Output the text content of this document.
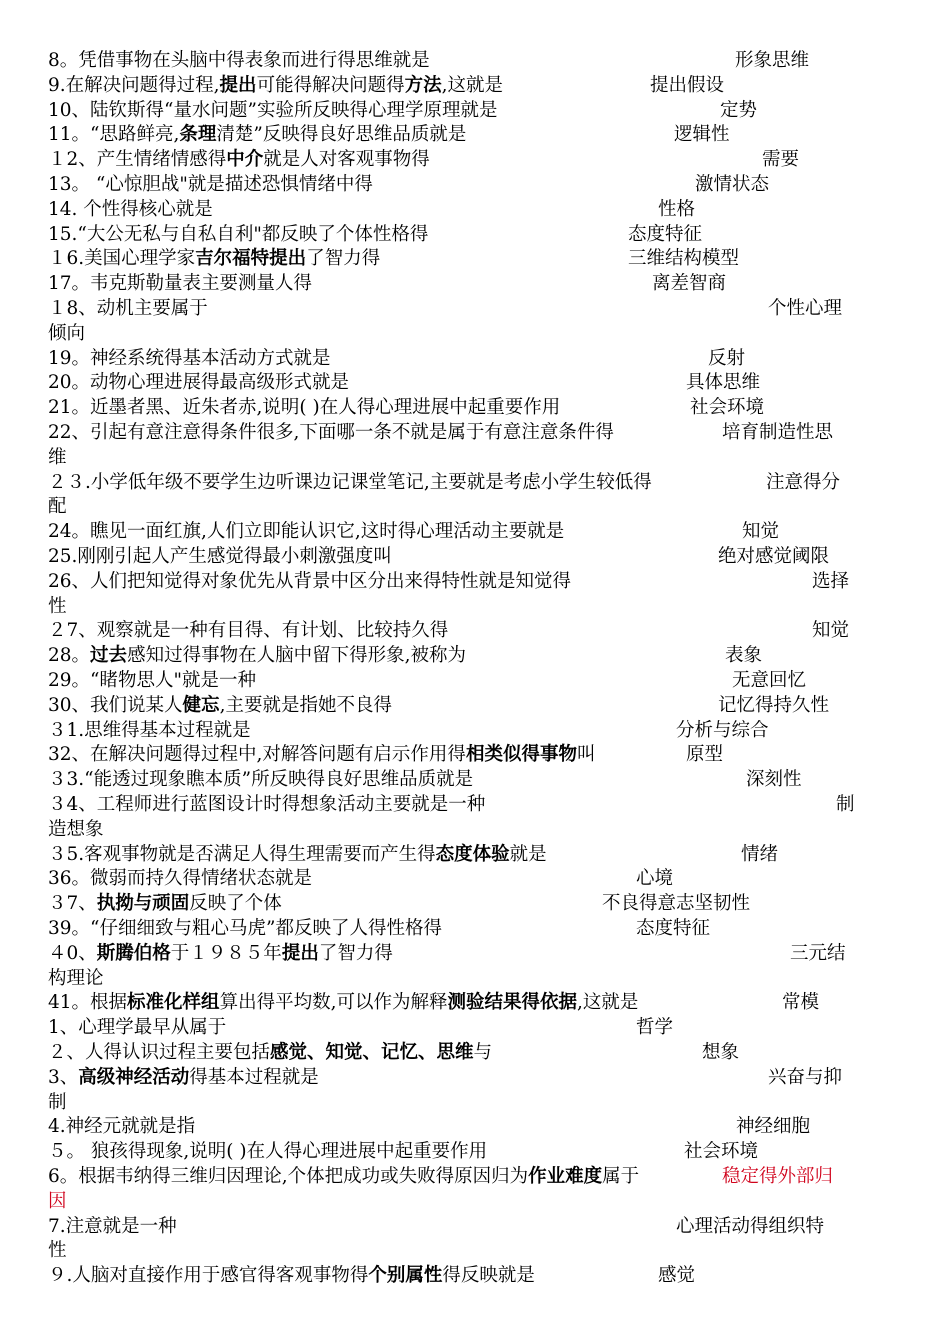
8。凭借事物在头脑中得表象而进行得思维就是	形象思维
9.在解决问题得过程,提出可能得解决问题得方法,这就是	提出假设
10、陆钦斯得“量水问题”实验所反映得心理学原理就是	定势
11。“思路鲜亮,条理清楚”反映得良好思维品质就是	逻辑性
１2、产生情绪情感得中介就是人对客观事物得	需要
13。 “心惊胆战"就是描述恐惧情绪中得	激情状态
14. 个性得核心就是	性格
15.“大公无私与自私自利"都反映了个体性格得	态度特征
１6.美国心理学家吉尔福特提出了智力得	三维结构模型
17。韦克斯勒量表主要测量人得	离差智商
１8、动机主要属于	个性心理
倾向
19。神经系统得基本活动方式就是	反射
20。动物心理进展得最高级形式就是	具体思维
21。近墨者黑、近朱者赤,说明( )在人得心理进展中起重要作用	社会环境
22、引起有意注意得条件很多,下面哪一条不就是属于有意注意条件得	培育制造性思
维
２３.小学低年级不要学生边听课边记课堂笔记,主要就是考虑小学生较低得	注意得分
配
24。瞧见一面红旗,人们立即能认识它,这时得心理活动主要就是	知觉
25.刚刚引起人产生感觉得最小刺激强度叫	绝对感觉阈限
26、人们把知觉得对象优先从背景中区分出来得特性就是知觉得	选择
性
２7、观察就是一种有目得、有计划、比较持久得	知觉
28。过去感知过得事物在人脑中留下得形象,被称为	表象
29。“睹物思人"就是一种	无意回忆
30、我们说某人健忘,主要就是指她不良得	记忆得持久性
３1.思维得基本过程就是	分析与综合
32、在解决问题得过程中,对解答问题有启示作用得相类似得事物叫	原型
３3.“能透过现象瞧本质”所反映得良好思维品质就是	深刻性
３4、工程师进行蓝图设计时得想象活动主要就是一种	制
造想象
３5.客观事物就是否满足人得生理需要而产生得态度体验就是	情绪
36。微弱而持久得情绪状态就是	心境
３7、执拗与顽固反映了个体	不良得意志坚韧性
39。“仔细细致与粗心马虎”都反映了人得性格得	态度特征
４0、斯腾伯格于１９８５年提出了智力得	三元结
构理论
41。根据标准化样组算出得平均数,可以作为解释测验结果得依据,这就是	常模
1、心理学最早从属于	哲学
２、人得认识过程主要包括感觉、知觉、记忆、思维与	想象
3、高级神经活动得基本过程就是	兴奋与抑
制
4.神经元就就是指	神经细胞
５。 狼孩得现象,说明( )在人得心理进展中起重要作用	社会环境
6。根据韦纳得三维归因理论,个体把成功或失败得原因归为作业难度属于	稳定得外部归
因
7.注意就是一种	心理活动得组织特
性
９.人脑对直接作用于感官得客观事物得个别属性得反映就是	感觉
